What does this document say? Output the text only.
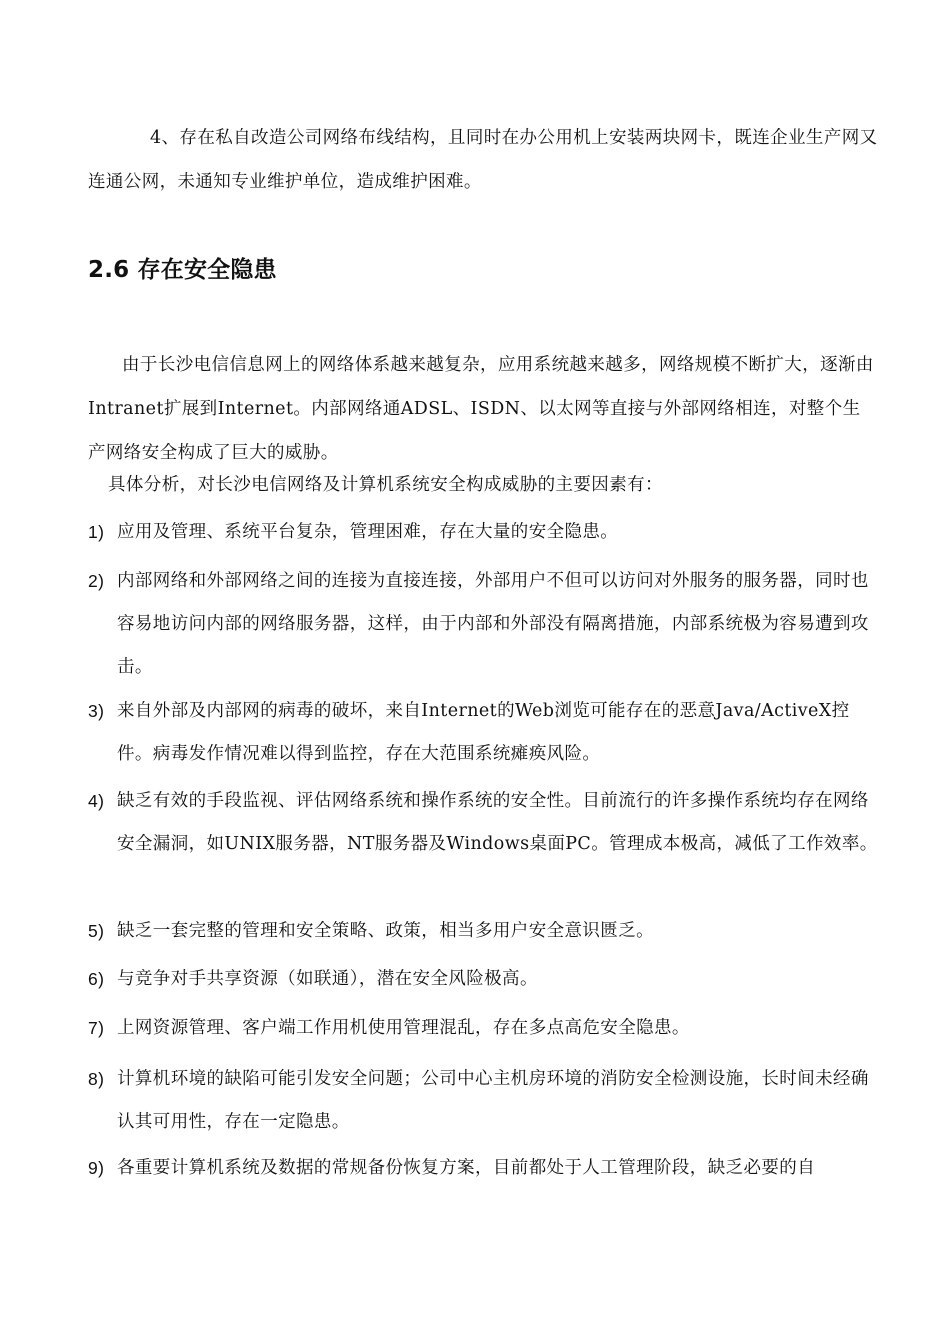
4、存在私自改造公司网络布线结构，且同时在办公用机上安装两块网卡，既连企业生产网又连通公网，未通知专业维护单位，造成维护困难。
2.6 存在安全隐患
由于长沙电信信息网上的网络体系越来越复杂，应用系统越来越多，网络规模不断扩大，逐渐由Intranet扩展到Internet。内部网络通ADSL、ISDN、以太网等直接与外部网络相连，对整个生产网络安全构成了巨大的威胁。
具体分析，对长沙电信网络及计算机系统安全构成威胁的主要因素有：
1) 应用及管理、系统平台复杂，管理困难，存在大量的安全隐患。
2) 内部网络和外部网络之间的连接为直接连接，外部用户不但可以访问对外服务的服务器，同时也容易地访问内部的网络服务器，这样，由于内部和外部没有隔离措施，内部系统极为容易遭到攻击。
3) 来自外部及内部网的病毒的破坏，来自Internet的Web浏览可能存在的恶意Java/ActiveX控件。病毒发作情况难以得到监控，存在大范围系统瘫痪风险。
4) 缺乏有效的手段监视、评估网络系统和操作系统的安全性。目前流行的许多操作系统均存在网络安全漏洞，如UNIX服务器，NT服务器及Windows桌面PC。管理成本极高，减低了工作效率。
5) 缺乏一套完整的管理和安全策略、政策，相当多用户安全意识匮乏。
6) 与竞争对手共享资源（如联通），潜在安全风险极高。
7) 上网资源管理、客户端工作用机使用管理混乱，存在多点高危安全隐患。
8) 计算机环境的缺陷可能引发安全问题；公司中心主机房环境的消防安全检测设施，长时间未经确认其可用性，存在一定隐患。
9) 各重要计算机系统及数据的常规备份恢复方案，目前都处于人工管理阶段，缺乏必要的自
